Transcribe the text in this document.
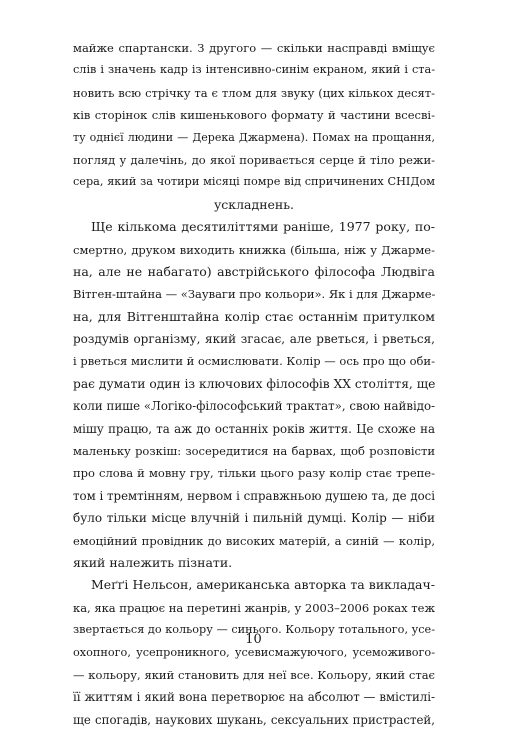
майже спартански. З другого — скільки насправді вміщує
слів і значень кадр із інтенсивно-синім екраном, який і ста-
новить всю стрічку та є тлом для звуку (цих кількох десят-
ків сторінок слів кишенькового формату й частини всесві-
ту однієї людини — Дерека Джармена). Помах на прощання,
погляд у далечінь, до якої поривається серце й тіло режи-
сера, який за чотири місяці помре від спричинених СНІДом
ускладнень.
Ще кількома десятиліттями раніше, 1977 року, по-
смертно, друком виходить книжка (більша, ніж у Джарме-
на, але не набагато) австрійського філософа Людвіга
Вітген-штайна — «Зауваги про кольори». Як і для Джарме-
на, для Вітгенштайна колір стає останнім притулком
роздумів організму, який згасає, але рветься, і рветься,
і рветься мислити й осмислювати. Колір — ось про що оби-
рає думати один із ключових філософів XX століття, ще
коли пише «Логіко-філософський трактат», свою найвідо-
мішу працю, та аж до останніх років життя. Це схоже на
маленьку розкіш: зосередитися на барвах, щоб розповісти
про слова й мовну гру, тільки цього разу колір стає трепе-
том і тремтінням, нервом і справжньою душею та, де досі
було тільки місце влучній і пильній думці. Колір — ніби
емоційний провідник до високих матерій, а синій — колір,
який належить пізнати.
Меґґі Нельсон, американська авторка та викладач-
ка, яка працює на перетині жанрів, у 2003–2006 роках теж
звертається до кольору — синього. Кольору тотального, усе-
охопного, усепроникного, усевисмажуючого, усеможивого-
— кольору, який становить для неї все. Кольору, який стає
її життям і який вона перетворює на абсолют — вмістилі-
ще спогадів, наукових шукань, сексуальних пристрастей,
10
